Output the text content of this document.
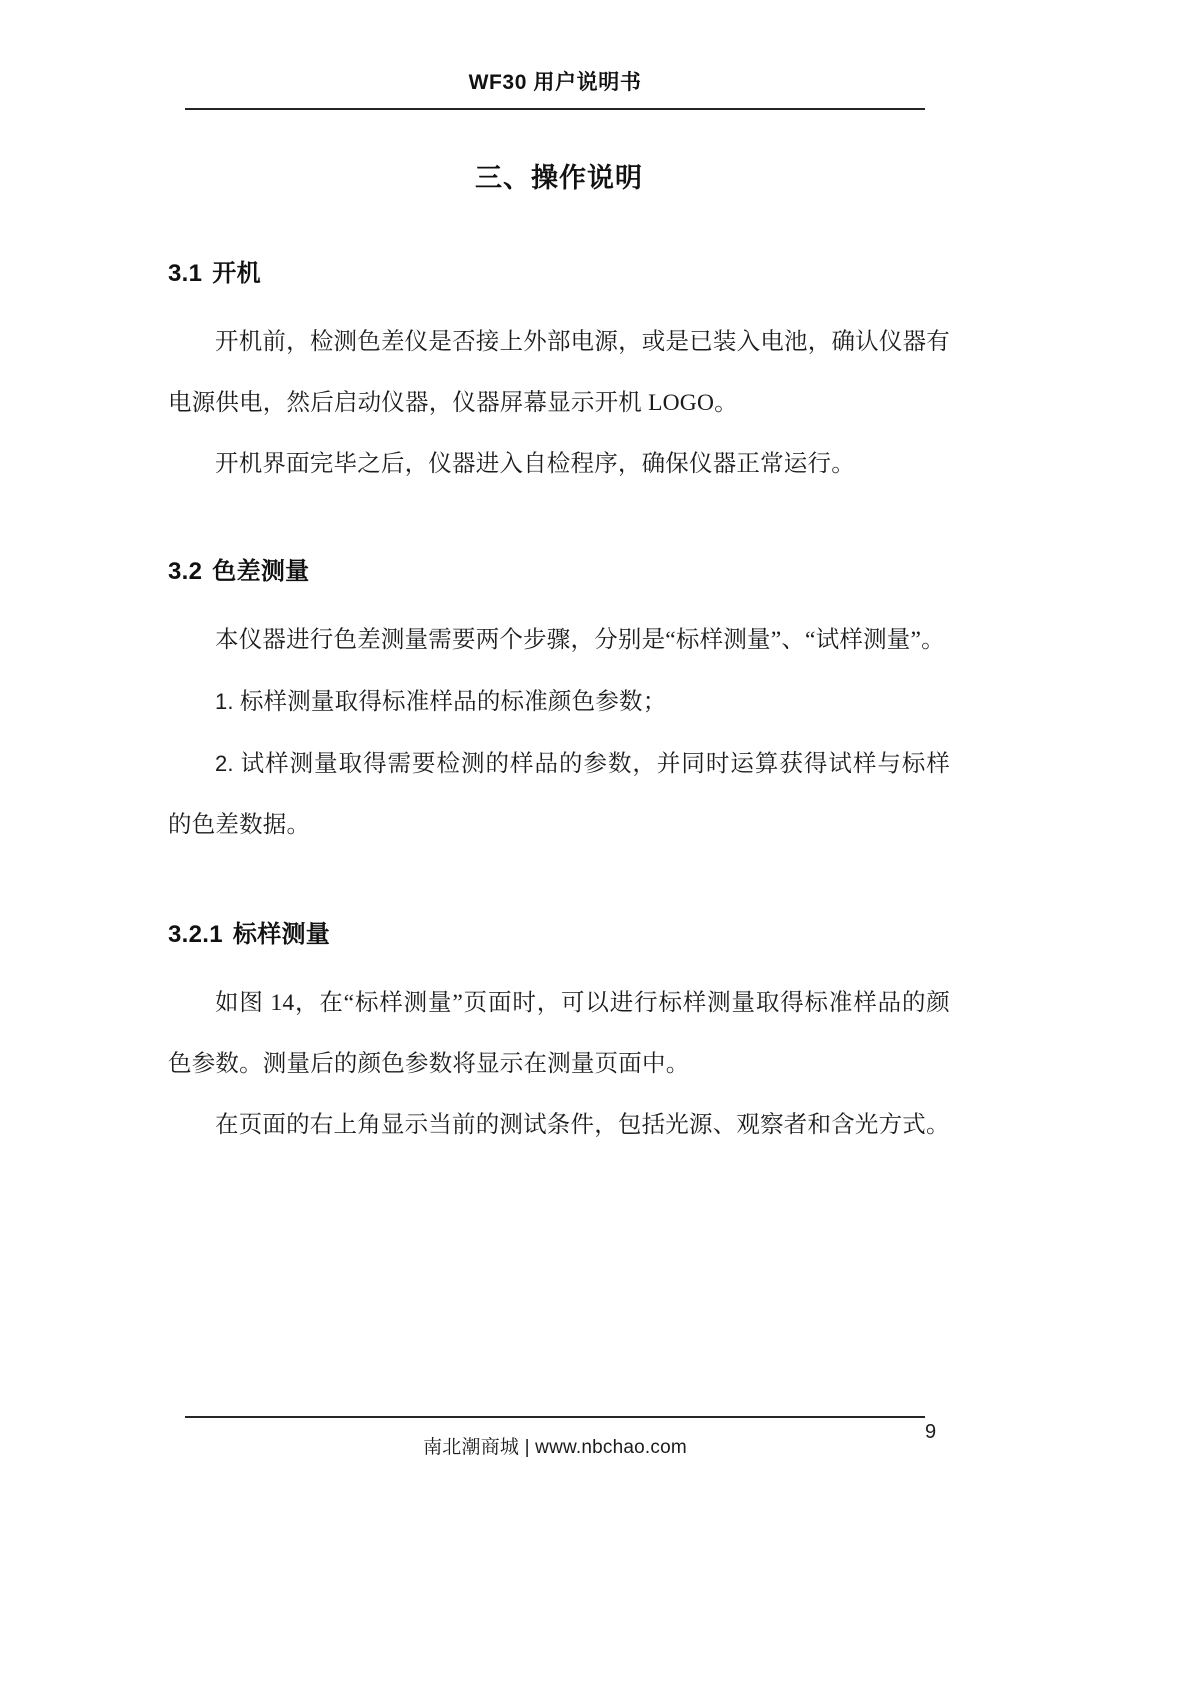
WF30 用户说明书
三、操作说明
3.1 开机

开机前，检测色差仪是否接上外部电源，或是已装入电池，确认仪器有电源供电，然后启动仪器，仪器屏幕显示开机 LOGO。

开机界面完毕之后，仪器进入自检程序，确保仪器正常运行。

3.2 色差测量

本仪器进行色差测量需要两个步骤，分别是“标样测量”、“试样测量”。

1. 标样测量取得标准样品的标准颜色参数；
2. 试样测量取得需要检测的样品的参数，并同时运算获得试样与标样的色差数据。
3.2.1 标样测量

如图 14，在“标样测量”页面时，可以进行标样测量取得标准样品的颜色参数。测量后的颜色参数将显示在测量页面中。

在页面的右上角显示当前的测试条件，包括光源、观察者和含光方式。

南北潮商城 | www.nbchao.com
9
